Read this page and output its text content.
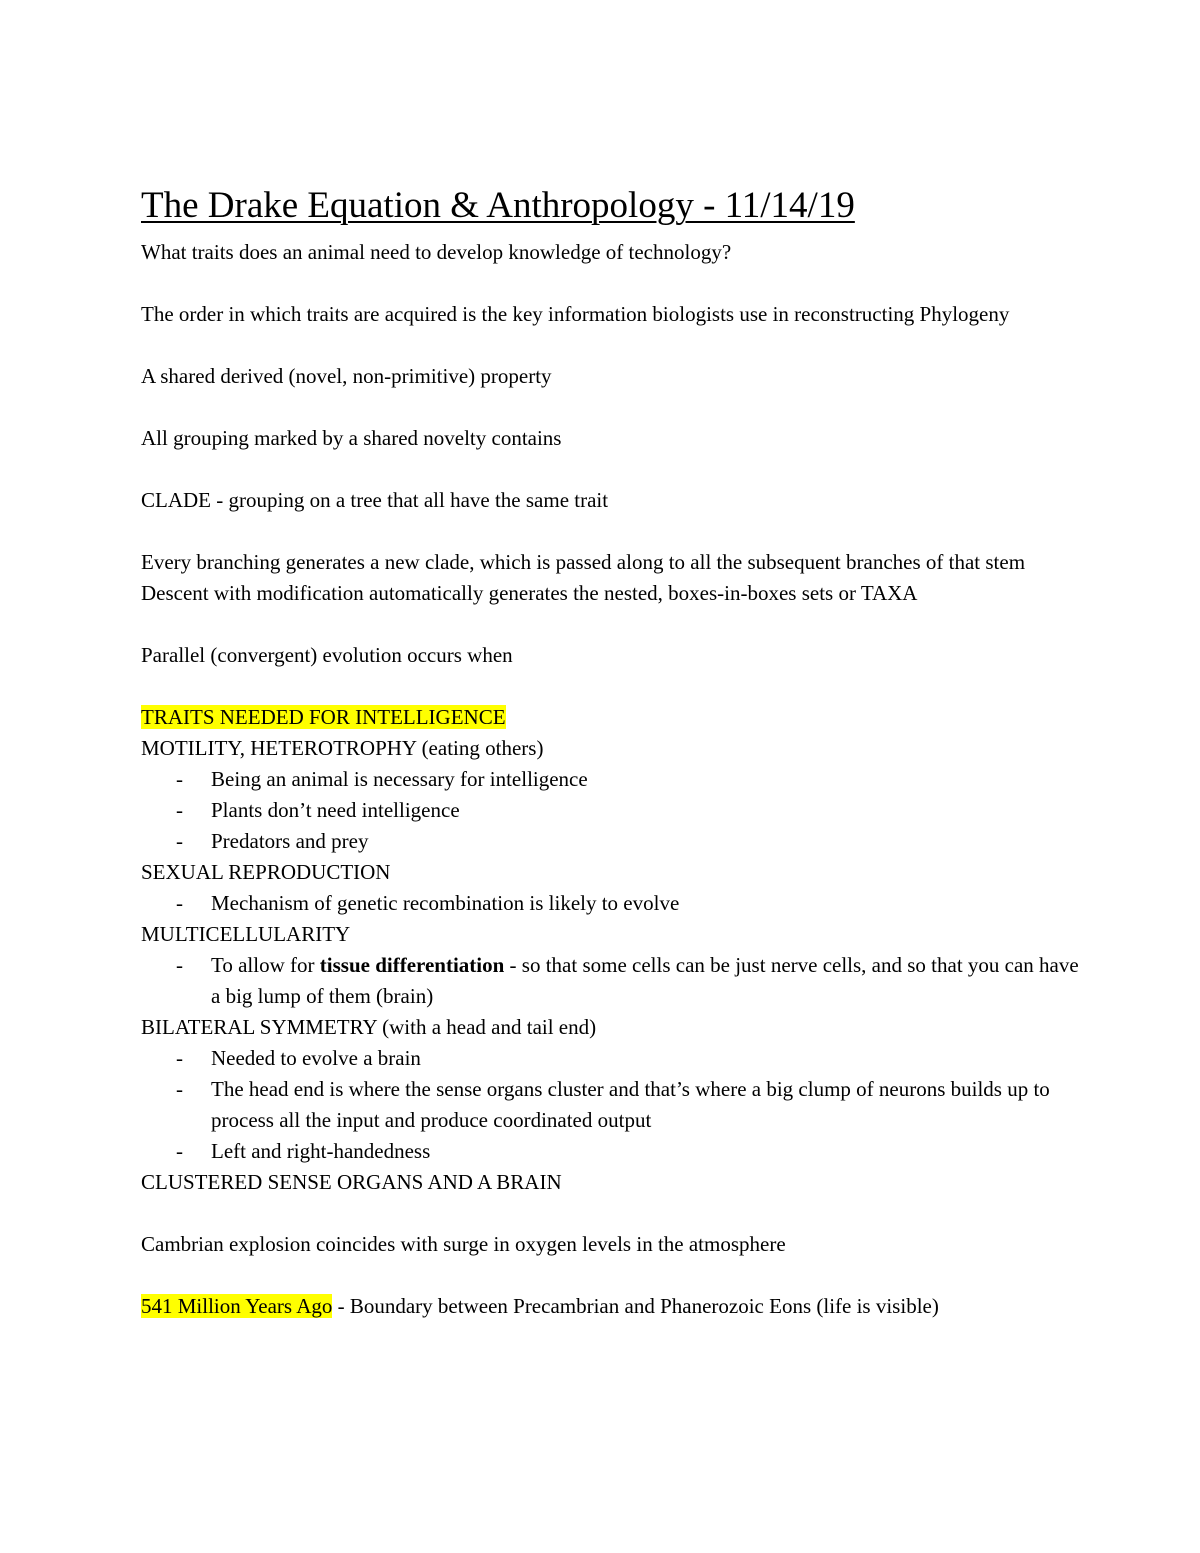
The Drake Equation & Anthropology - 11/14/19

What traits does an animal need to develop knowledge of technology?

The order in which traits are acquired is the key information biologists use in reconstructing Phylogeny

A shared derived (novel, non-primitive) property

All grouping marked by a shared novelty contains

CLADE - grouping on a tree that all have the same trait

Every branching generates a new clade, which is passed along to all the subsequent branches of that stem

Descent with modification automatically generates the nested, boxes-in-boxes sets or TAXA

Parallel (convergent) evolution occurs when

TRAITS NEEDED FOR INTELLIGENCE

MOTILITY, HETEROTROPHY (eating others)

- Being an animal is necessary for intelligence
- Plants don’t need intelligence
- Predators and prey

SEXUAL REPRODUCTION

- Mechanism of genetic recombination is likely to evolve

MULTICELLULARITY

- To allow for tissue differentiation - so that some cells can be just nerve cells, and so that you can have a big lump of them (brain)

BILATERAL SYMMETRY (with a head and tail end)

- Needed to evolve a brain
- The head end is where the sense organs cluster and that’s where a big clump of neurons builds up to process all the input and produce coordinated output
- Left and right-handedness

CLUSTERED SENSE ORGANS AND A BRAIN

Cambrian explosion coincides with surge in oxygen levels in the atmosphere

541 Million Years Ago - Boundary between Precambrian and Phanerozoic Eons (life is visible)
